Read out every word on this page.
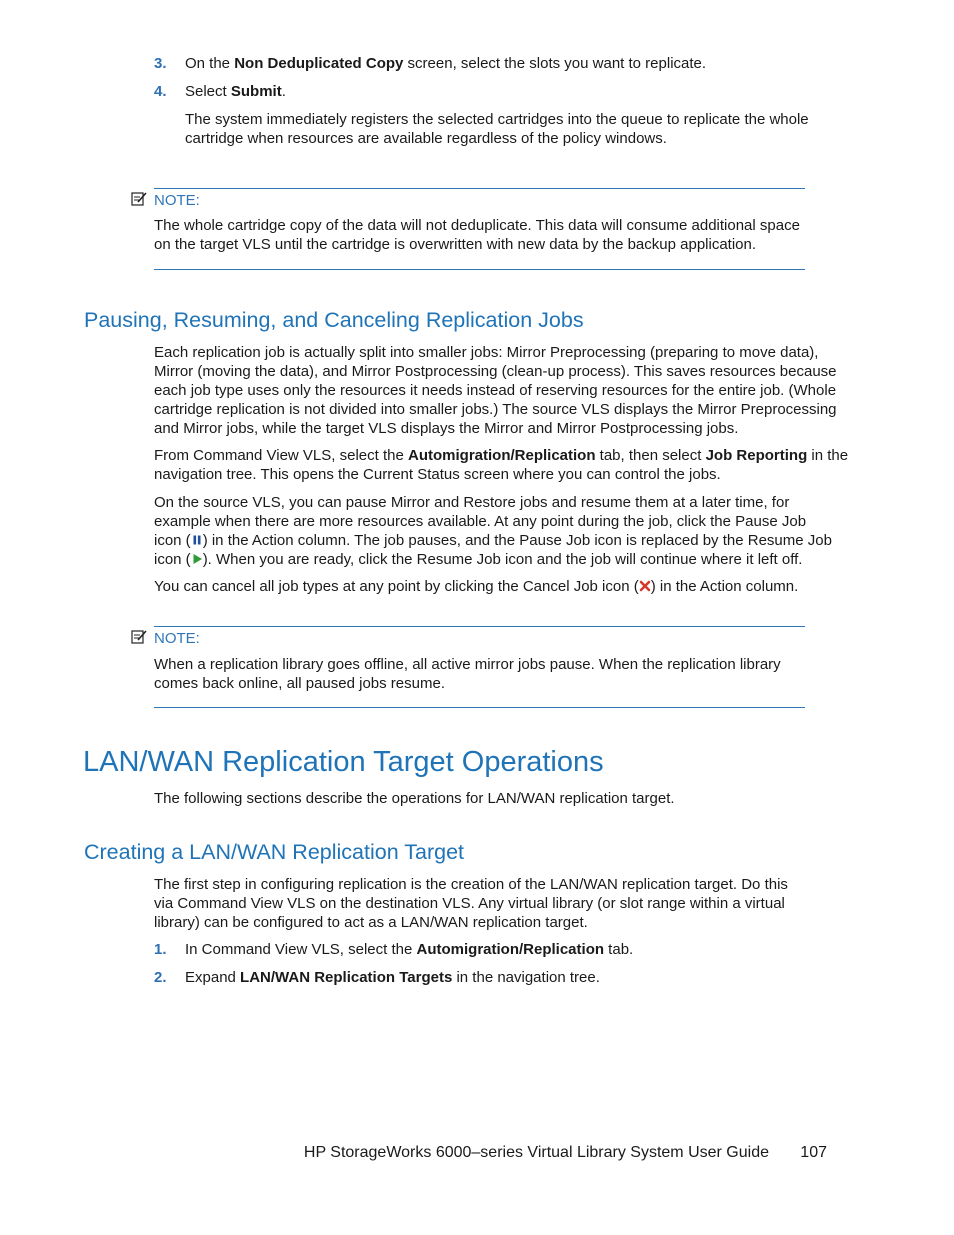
3. On the Non Deduplicated Copy screen, select the slots you want to replicate.
4. Select Submit.
The system immediately registers the selected cartridges into the queue to replicate the whole
cartridge when resources are available regardless of the policy windows.
NOTE:
The whole cartridge copy of the data will not deduplicate. This data will consume additional space
on the target VLS until the cartridge is overwritten with new data by the backup application.
Pausing, Resuming, and Canceling Replication Jobs
Each replication job is actually split into smaller jobs: Mirror Preprocessing (preparing to move data),
Mirror (moving the data), and Mirror Postprocessing (clean-up process). This saves resources because
each job type uses only the resources it needs instead of reserving resources for the entire job. (Whole
cartridge replication is not divided into smaller jobs.) The source VLS displays the Mirror Preprocessing
and Mirror jobs, while the target VLS displays the Mirror and Mirror Postprocessing jobs.
From Command View VLS, select the Automigration/Replication tab, then select Job Reporting in the
navigation tree. This opens the Current Status screen where you can control the jobs.
On the source VLS, you can pause Mirror and Restore jobs and resume them at a later time, for
example when there are more resources available. At any point during the job, click the Pause Job
icon ( ) in the Action column. The job pauses, and the Pause Job icon is replaced by the Resume Job
icon ( ). When you are ready, click the Resume Job icon and the job will continue where it left off.
You can cancel all job types at any point by clicking the Cancel Job icon ( ) in the Action column.
NOTE:
When a replication library goes offline, all active mirror jobs pause. When the replication library
comes back online, all paused jobs resume.
LAN/WAN Replication Target Operations
The following sections describe the operations for LAN/WAN replication target.
Creating a LAN/WAN Replication Target
The first step in configuring replication is the creation of the LAN/WAN replication target. Do this
via Command View VLS on the destination VLS. Any virtual library (or slot range within a virtual
library) can be configured to act as a LAN/WAN replication target.
1. In Command View VLS, select the Automigration/Replication tab.
2. Expand LAN/WAN Replication Targets in the navigation tree.
HP StorageWorks 6000–series Virtual Library System User Guide 107
